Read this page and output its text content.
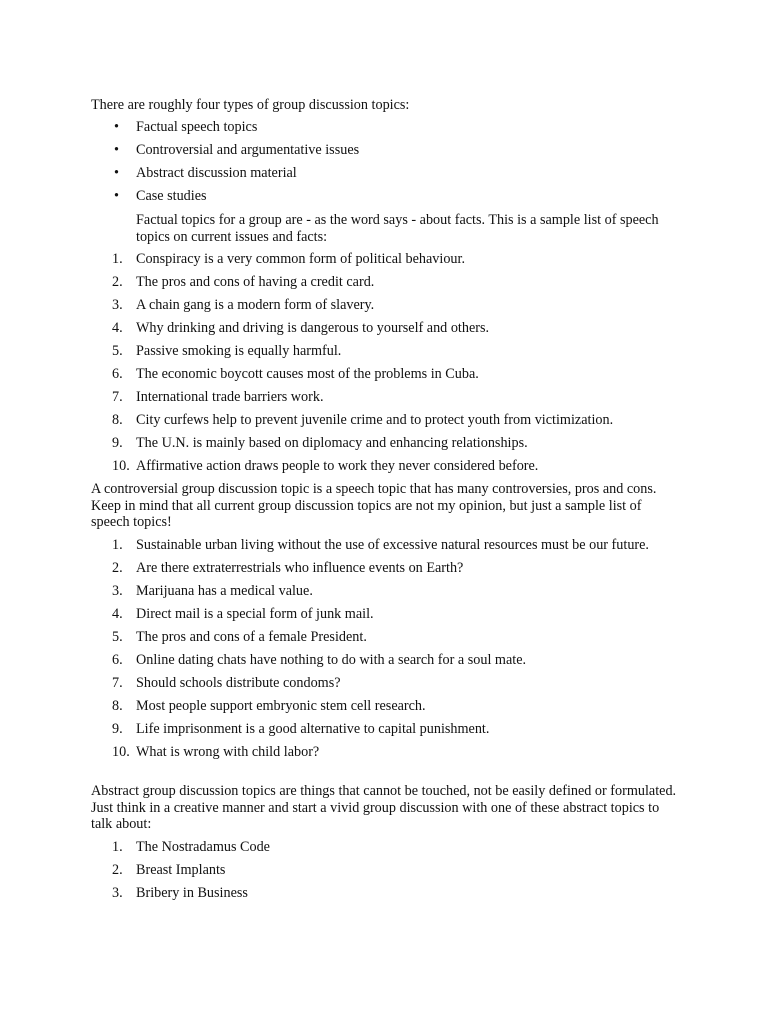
There are roughly four types of group discussion topics:

• Factual speech topics
• Controversial and argumentative issues
• Abstract discussion material
• Case studies

Factual topics for a group are - as the word says - about facts. This is a sample list of speech topics on current issues and facts:

1. Conspiracy is a very common form of political behaviour.
2. The pros and cons of having a credit card.
3. A chain gang is a modern form of slavery.
4. Why drinking and driving is dangerous to yourself and others.
5. Passive smoking is equally harmful.
6. The economic boycott causes most of the problems in Cuba.
7. International trade barriers work.
8. City curfews help to prevent juvenile crime and to protect youth from victimization.
9. The U.N. is mainly based on diplomacy and enhancing relationships.
10. Affirmative action draws people to work they never considered before.

A controversial group discussion topic is a speech topic that has many controversies, pros and cons. Keep in mind that all current group discussion topics are not my opinion, but just a sample list of speech topics!

1. Sustainable urban living without the use of excessive natural resources must be our future.
2. Are there extraterrestrials who influence events on Earth?
3. Marijuana has a medical value.
4. Direct mail is a special form of junk mail.
5. The pros and cons of a female President.
6. Online dating chats have nothing to do with a search for a soul mate.
7. Should schools distribute condoms?
8. Most people support embryonic stem cell research.
9. Life imprisonment is a good alternative to capital punishment.
10. What is wrong with child labor?

Abstract group discussion topics are things that cannot be touched, not be easily defined or formulated. Just think in a creative manner and start a vivid group discussion with one of these abstract topics to talk about:

1. The Nostradamus Code
2. Breast Implants
3. Bribery in Business
